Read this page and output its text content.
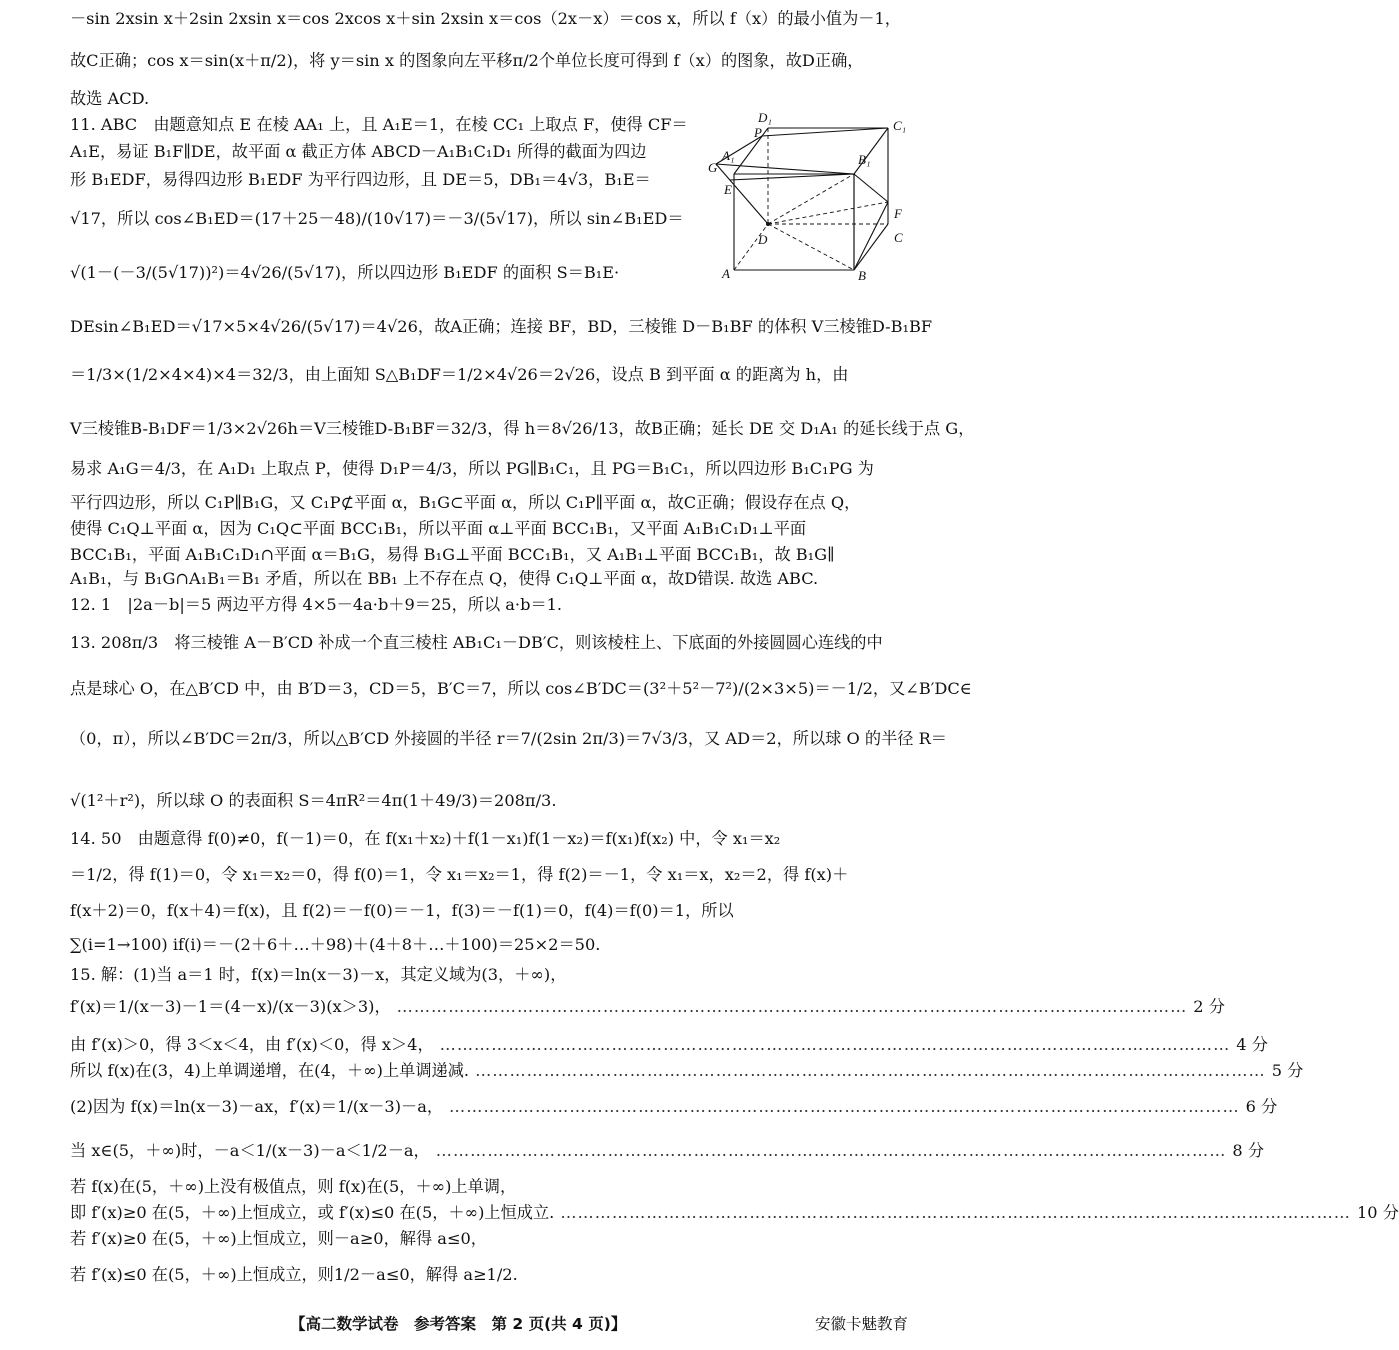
－sin 2xsin x＋2sin 2xsin x＝cos 2xcos x＋sin 2xsin x＝cos（2x－x）＝cos x，所以 f（x）的最小值为－1，
故C正确；cos x＝sin(x＋π/2)，将 y＝sin x 的图象向左平移π/2个单位长度可得到 f（x）的图象，故D正确，
故选 ACD.
11. ABC　由题意知点 E 在棱 AA₁ 上，且 A₁E＝1，在棱 CC₁ 上取点 F，使得 CF＝
A₁E，易证 B₁F∥DE，故平面 α 截正方体 ABCD－A₁B₁C₁D₁ 所得的截面为四边
形 B₁EDF，易得四边形 B₁EDF 为平行四边形，且 DE＝5，DB₁＝4√3，B₁E＝
√17，所以 cos∠B₁ED＝(17＋25－48)/(10√17)＝－3/(5√17)，所以 sin∠B₁ED＝
√(1－(－3/(5√17))²)＝4√26/(5√17)，所以四边形 B₁EDF 的面积 S＝B₁E·
DEsin∠B₁ED＝√17×5×4√26/(5√17)＝4√26，故A正确；连接 BF，BD，三棱锥 D－B₁BF 的体积 V三棱锥D-B₁BF
＝1/3×(1/2×4×4)×4＝32/3，由上面知 S△B₁DF＝1/2×4√26＝2√26，设点 B 到平面 α 的距离为 h，由
V三棱锥B-B₁DF＝1/3×2√26h＝V三棱锥D-B₁BF＝32/3，得 h＝8√26/13，故B正确；延长 DE 交 D₁A₁ 的延长线于点 G，
易求 A₁G＝4/3，在 A₁D₁ 上取点 P，使得 D₁P＝4/3，所以 PG∥B₁C₁，且 PG＝B₁C₁，所以四边形 B₁C₁PG 为
平行四边形，所以 C₁P∥B₁G，又 C₁P⊄平面 α，B₁G⊂平面 α，所以 C₁P∥平面 α，故C正确；假设存在点 Q，
使得 C₁Q⊥平面 α，因为 C₁Q⊂平面 BCC₁B₁，所以平面 α⊥平面 BCC₁B₁，又平面 A₁B₁C₁D₁⊥平面
BCC₁B₁，平面 A₁B₁C₁D₁∩平面 α＝B₁G，易得 B₁G⊥平面 BCC₁B₁，又 A₁B₁⊥平面 BCC₁B₁，故 B₁G∥
A₁B₁，与 B₁G∩A₁B₁＝B₁ 矛盾，所以在 BB₁ 上不存在点 Q，使得 C₁Q⊥平面 α，故D错误. 故选 ABC.
12. 1　|2a－b|＝5 两边平方得 4×5－4a·b＋9＝25，所以 a·b＝1.
13. 208π/3　将三棱锥 A－B′CD 补成一个直三棱柱 AB₁C₁－DB′C，则该棱柱上、下底面的外接圆圆心连线的中
点是球心 O，在△B′CD 中，由 B′D＝3，CD＝5，B′C＝7，所以 cos∠B′DC＝(3²＋5²－7²)/(2×3×5)＝－1/2，又∠B′DC∈
（0，π），所以∠B′DC＝2π/3，所以△B′CD 外接圆的半径 r＝7/(2sin 2π/3)＝7√3/3，又 AD＝2，所以球 O 的半径 R＝
√(1²＋r²)，所以球 O 的表面积 S＝4πR²＝4π(1＋49/3)＝208π/3.
14. 50　由题意得 f(0)≠0，f(－1)＝0，在 f(x₁＋x₂)＋f(1－x₁)f(1－x₂)＝f(x₁)f(x₂) 中，令 x₁＝x₂
＝1/2，得 f(1)＝0，令 x₁＝x₂＝0，得 f(0)＝1，令 x₁＝x₂＝1，得 f(2)＝－1，令 x₁＝x，x₂＝2，得 f(x)＋
f(x＋2)＝0，f(x＋4)＝f(x)，且 f(2)＝－f(0)＝－1，f(3)＝－f(1)＝0，f(4)＝f(0)＝1，所以
∑(i=1→100) if(i)＝－(2＋6＋…＋98)＋(4＋8＋…＋100)＝25×2＝50.
15. 解：(1)当 a＝1 时，f(x)＝ln(x－3)－x，其定义域为(3，＋∞)，
f′(x)＝1/(x－3)－1＝(4－x)/(x－3)(x＞3)， ………………………………………………………………………………………………………………………… 2 分
由 f′(x)＞0，得 3＜x＜4，由 f′(x)＜0，得 x＞4， ………………………………………………………………………………………………………………………… 4 分
所以 f(x)在(3，4)上单调递增，在(4，＋∞)上单调递减. ………………………………………………………………………………………………………………………… 5 分
(2)因为 f(x)＝ln(x－3)－ax，f′(x)＝1/(x－3)－a， ………………………………………………………………………………………………………………………… 6 分
当 x∈(5，＋∞)时，－a＜1/(x－3)－a＜1/2－a， ………………………………………………………………………………………………………………………… 8 分
若 f(x)在(5，＋∞)上没有极值点，则 f(x)在(5，＋∞)上单调，
即 f′(x)≥0 在(5，＋∞)上恒成立，或 f′(x)≤0 在(5，＋∞)上恒成立. ………………………………………………………………………………………………………………………… 10 分
若 f′(x)≥0 在(5，＋∞)上恒成立，则－a≥0，解得 a≤0，
若 f′(x)≤0 在(5，＋∞)上恒成立，则1/2－a≤0，解得 a≥1/2.
D₁
P	C₁
A₁
G
B₁
E
F
D	C
A	B
【高二数学试卷　参考答案　第 2 页(共 4 页)】	安徽卡魅教育
